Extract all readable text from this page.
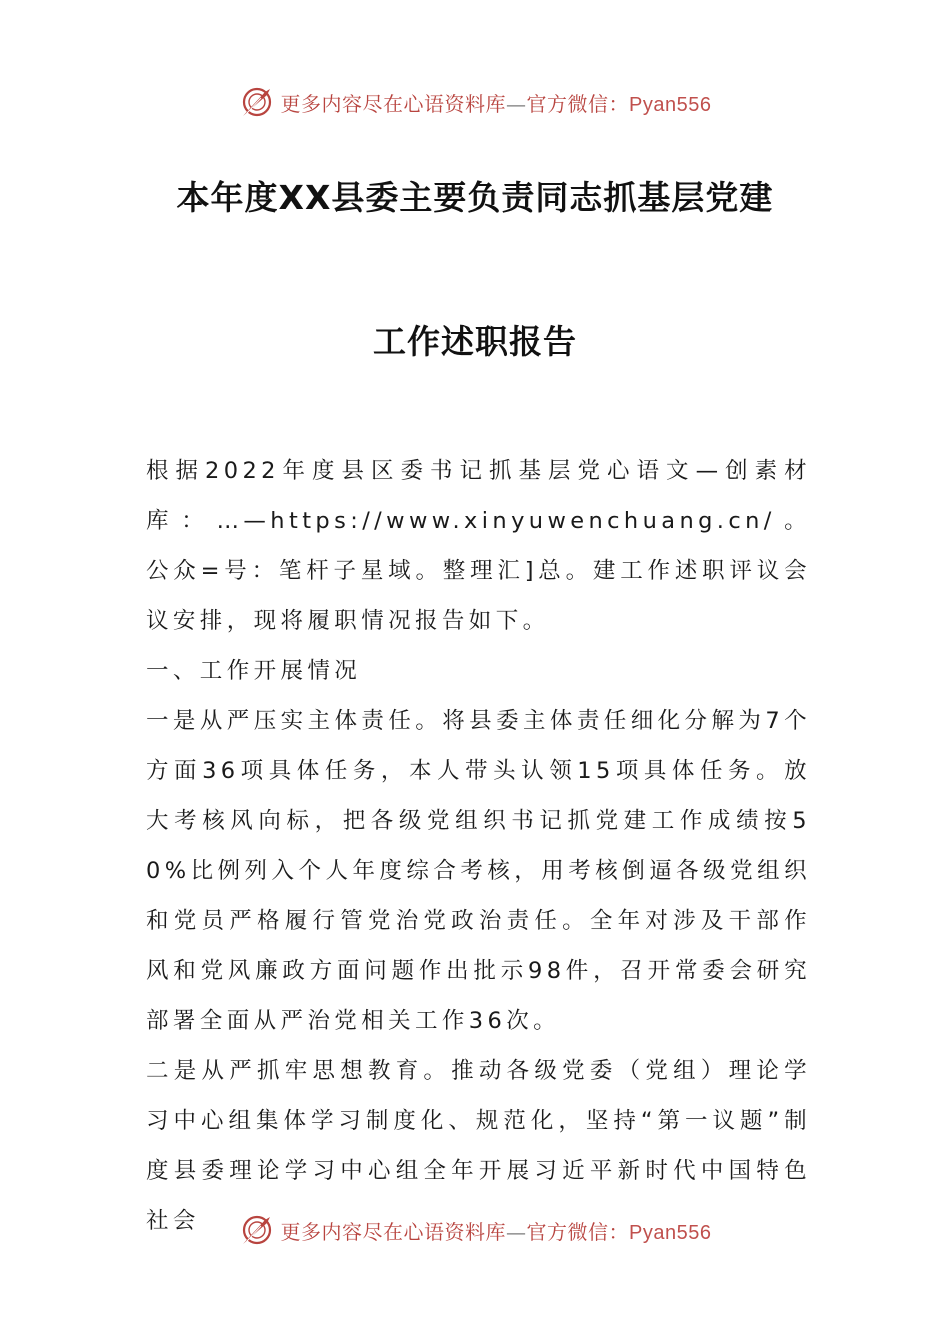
更多内容尽在心语资料库—官方微信：Pyan556
本年度XX县委主要负责同志抓基层党建
工作述职报告

根据2022年度县区委书记抓基层党心语文—创素材库：…—https://www.xinyuwenchuang.cn/。公众=号：笔杆子星域。整理汇]总。建工作述职评议会议安排，现将履职情况报告如下。

一、工作开展情况

一是从严压实主体责任。将县委主体责任细化分解为7个方面36项具体任务，本人带头认领15项具体任务。放大考核风向标，把各级党组织书记抓党建工作成绩按50%比例列入个人年度综合考核，用考核倒逼各级党组织和党员严格履行管党治党政治责任。全年对涉及干部作风和党风廉政方面问题作出批示98件，召开常委会研究部署全面从严治党相关工作36次。

二是从严抓牢思想教育。推动各级党委（党组）理论学习中心组集体学习制度化、规范化，坚持“第一议题”制度县委理论学习中心组全年开展习近平新时代中国特色社会	更多内容尽在心语资料库—官方微信：Pyan556
